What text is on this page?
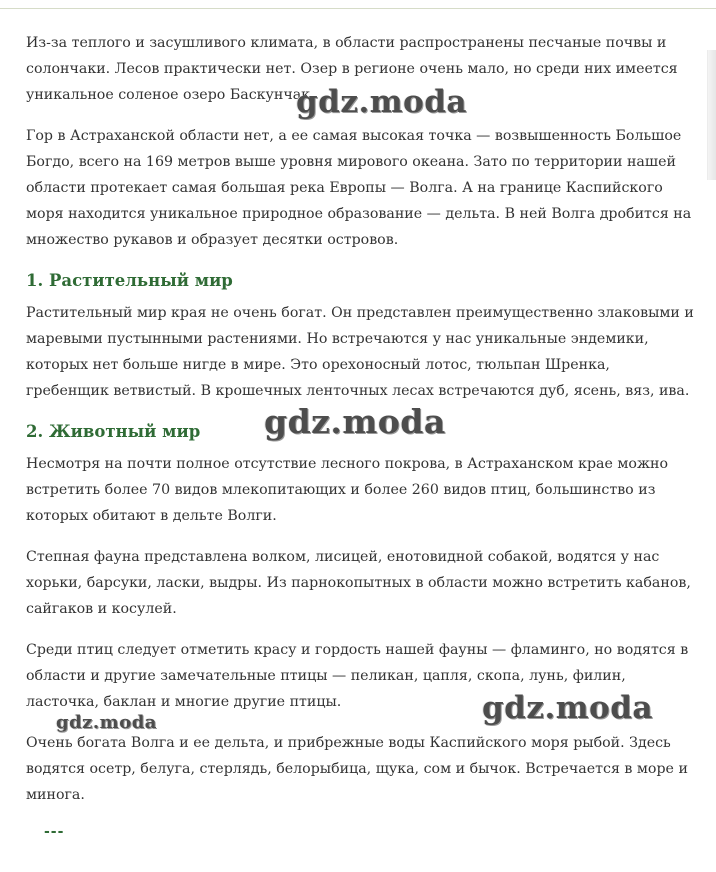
Из-за теплого и засушливого климата, в области распространены песчаные почвы и солончаки. Лесов практически нет. Озер в регионе очень мало, но среди них имеется уникальное соленое озеро Баскунчак.

Гор в Астраханской области нет, а ее самая высокая точка — возвышенность Большое Богдо, всего на 169 метров выше уровня мирового океана. Зато по территории нашей области протекает самая большая река Европы — Волга. А на границе Каспийского моря находится уникальное природное образование — дельта. В ней Волга дробится на множество рукавов и образует десятки островов.

1. Растительный мир

Растительный мир края не очень богат. Он представлен преимущественно злаковыми и маревыми пустынными растениями. Но встречаются у нас уникальные эндемики, которых нет больше нигде в мире. Это орехоносный лотос, тюльпан Шренка, гребенщик ветвистый. В крошечных ленточных лесах встречаются дуб, ясень, вяз, ива.

2. Животный мир

Несмотря на почти полное отсутствие лесного покрова, в Астраханском крае можно встретить более 70 видов млекопитающих и более 260 видов птиц, большинство из которых обитают в дельте Волги.

Степная фауна представлена волком, лисицей, енотовидной собакой, водятся у нас хорьки, барсуки, ласки, выдры. Из парнокопытных в области можно встретить кабанов, сайгаков и косулей.

Среди птиц следует отметить красу и гордость нашей фауны — фламинго, но водятся в области и другие замечательные птицы — пеликан, цапля, скопа, лунь, филин, ласточка, баклан и многие другие птицы.

Очень богата Волга и ее дельта, и прибрежные воды Каспийского моря рыбой. Здесь водятся осетр, белуга, стерлядь, белорыбица, щука, сом и бычок. Встречается в море и минога.

---
gdz.moda
gdz.moda
gdz.moda
gdz.moda
